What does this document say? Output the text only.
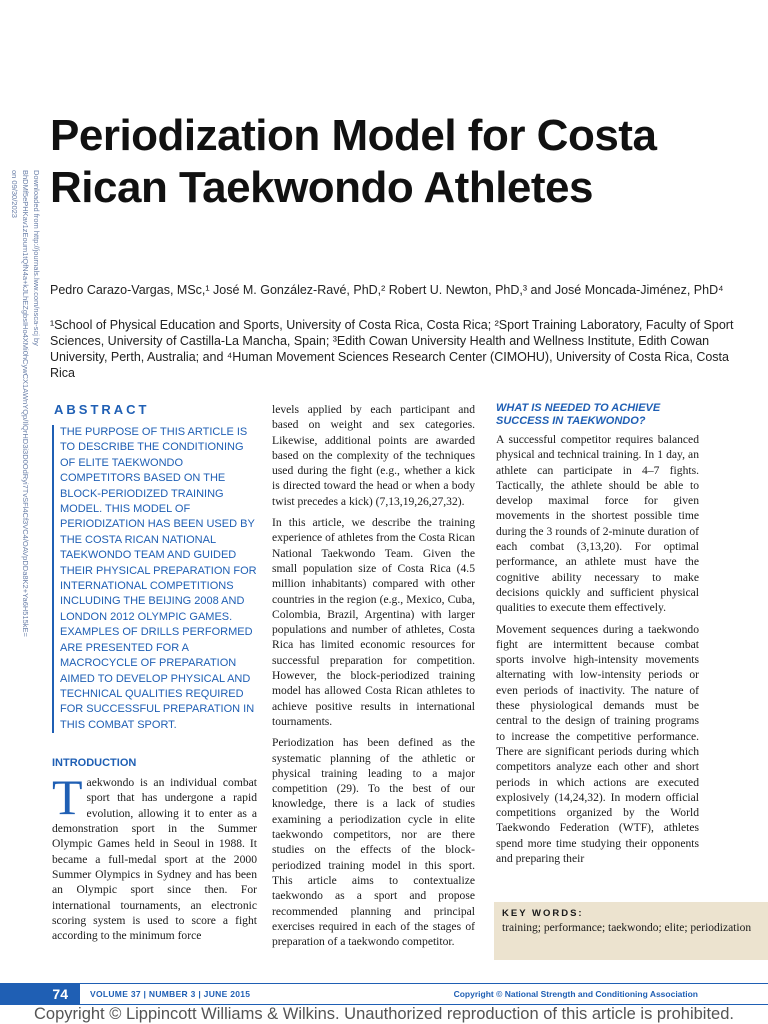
Downloaded from http://journals.lww.com/nsca-scj by BhDMf5ePHKav1zEoum1tQfN4a+kJLhEZgbsIHo4XMi0hCywCX1AWnYQp/IlQrHD3i3D0OdRyi7TvSFl4Cf3VC4/OAVpDDa8K2+Ya6H515kE= on 09/30/2023
Periodization Model for Costa Rican Taekwondo Athletes
Pedro Carazo-Vargas, MSc,¹ José M. González-Ravé, PhD,² Robert U. Newton, PhD,³ and José Moncada-Jiménez, PhD⁴
¹School of Physical Education and Sports, University of Costa Rica, Costa Rica; ²Sport Training Laboratory, Faculty of Sport Sciences, University of Castilla-La Mancha, Spain; ³Edith Cowan University Health and Wellness Institute, Edith Cowan University, Perth, Australia; and ⁴Human Movement Sciences Research Center (CIMOHU), University of Costa Rica, Costa Rica
ABSTRACT
THE PURPOSE OF THIS ARTICLE IS TO DESCRIBE THE CONDITIONING OF ELITE TAEKWONDO COMPETITORS BASED ON THE BLOCK-PERIODIZED TRAINING MODEL. THIS MODEL OF PERIODIZATION HAS BEEN USED BY THE COSTA RICAN NATIONAL TAEKWONDO TEAM AND GUIDED THEIR PHYSICAL PREPARATION FOR INTERNATIONAL COMPETITIONS INCLUDING THE BEIJING 2008 AND LONDON 2012 OLYMPIC GAMES. EXAMPLES OF DRILLS PERFORMED ARE PRESENTED FOR A MACROCYCLE OF PREPARATION AIMED TO DEVELOP PHYSICAL AND TECHNICAL QUALITIES REQUIRED FOR SUCCESSFUL PREPARATION IN THIS COMBAT SPORT.
INTRODUCTION
Taekwondo is an individual combat sport that has undergone a rapid evolution, allowing it to enter as a demonstration sport in the Summer Olympic Games held in Seoul in 1988. It became a full-medal sport at the 2000 Summer Olympics in Sydney and has been an Olympic sport since then. For international tournaments, an electronic scoring system is used to score a fight according to the minimum force

levels applied by each participant and based on weight and sex categories. Likewise, additional points are awarded based on the complexity of the techniques used during the fight (e.g., whether a kick is directed toward the head or when a body twist precedes a kick) (7,13,19,26,27,32).

In this article, we describe the training experience of athletes from the Costa Rican National Taekwondo Team. Given the small population size of Costa Rica (4.5 million inhabitants) compared with other countries in the region (e.g., Mexico, Cuba, Colombia, Brazil, Argentina) with larger populations and number of athletes, Costa Rica has limited economic resources for successful preparation for competition. However, the block-periodized training model has allowed Costa Rican athletes to achieve positive results in international tournaments.

Periodization has been defined as the systematic planning of the athletic or physical training leading to a major competition (29). To the best of our knowledge, there is a lack of studies examining a periodization cycle in elite taekwondo competitors, nor are there studies on the effects of the block-periodized training model in this sport. This article aims to contextualize taekwondo as a sport and propose recommended planning and principal exercises required in each of the stages of preparation of a taekwondo competitor.

WHAT IS NEEDED TO ACHIEVE SUCCESS IN TAEKWONDO?

A successful competitor requires balanced physical and technical training. In 1 day, an athlete can participate in 4–7 fights. Tactically, the athlete should be able to develop maximal force for given movements in the shortest possible time during the 3 rounds of 2-minute duration of each combat (3,13,20). For optimal performance, an athlete must have the cognitive ability necessary to make decisions quickly and sufficient physical qualities to execute them effectively.

Movement sequences during a taekwondo fight are intermittent because combat sports involve high-intensity movements alternating with low-intensity periods or even periods of inactivity. The nature of these physiological demands must be central to the design of training programs to increase the competitive performance. There are significant periods during which competitors analyze each other and short periods in which actions are executed explosively (14,24,32). In modern official competitions organized by the World Taekwondo Federation (WTF), athletes spend more time studying their opponents and preparing their

KEY WORDS:
training; performance; taekwondo; elite; periodization
74	VOLUME 37 | NUMBER 3 | JUNE 2015	Copyright © National Strength and Conditioning Association
Copyright © Lippincott Williams & Wilkins. Unauthorized reproduction of this article is prohibited.
